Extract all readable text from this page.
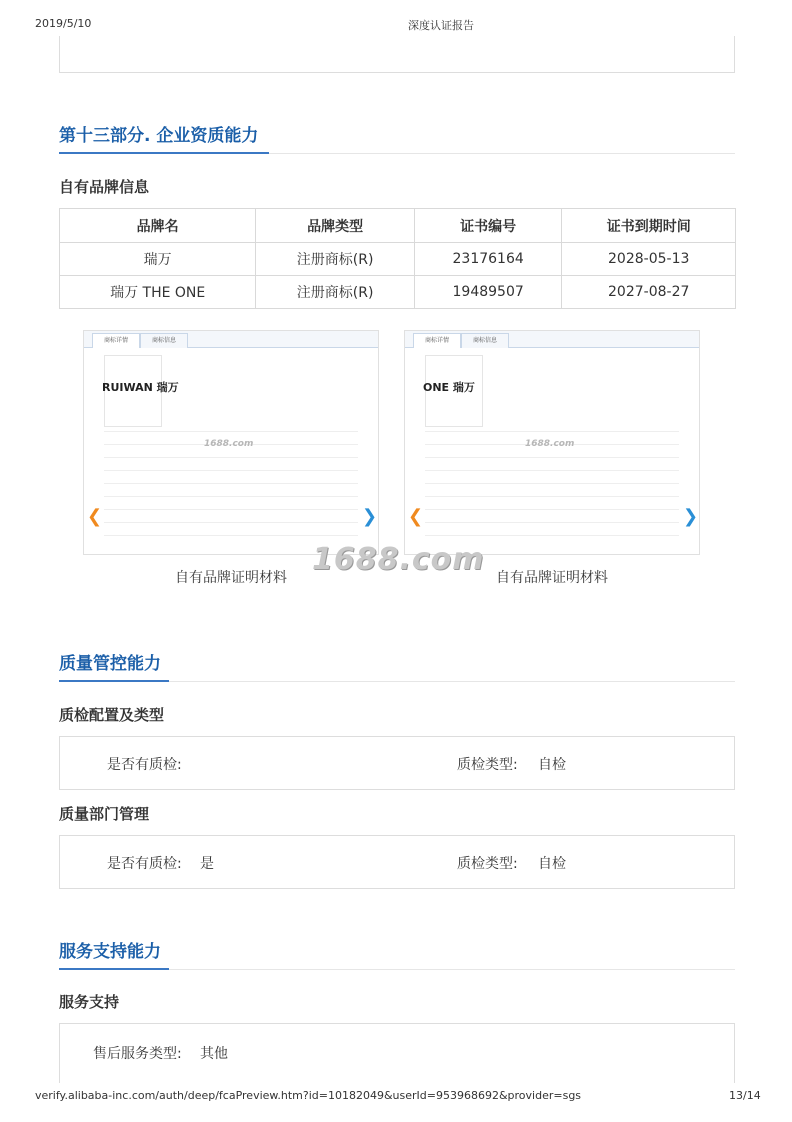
2019/5/10	深度认证报告
第十三部分. 企业资质能力
自有品牌信息
品牌名	品牌类型	证书编号	证书到期时间
瑞万	注册商标(R)	23176164	2028-05-13
瑞万 THE ONE	注册商标(R)	19489507	2027-08-27
商标详情	商标信息
RUIWAN 瑞万
1688.com
❮	❯
商标详情	商标信息
ONE 瑞万
1688.com
❮	❯
1688.com
自有品牌证明材料	自有品牌证明材料
质量管控能力
质检配置及类型
是否有质检:	质检类型: 自检
质量部门管理
是否有质检: 是	质检类型: 自检
服务支持能力
服务支持
售后服务类型: 其他
verify.alibaba-inc.com/auth/deep/fcaPreview.htm?id=10182049&userId=953968692&provider=sgs	13/14
